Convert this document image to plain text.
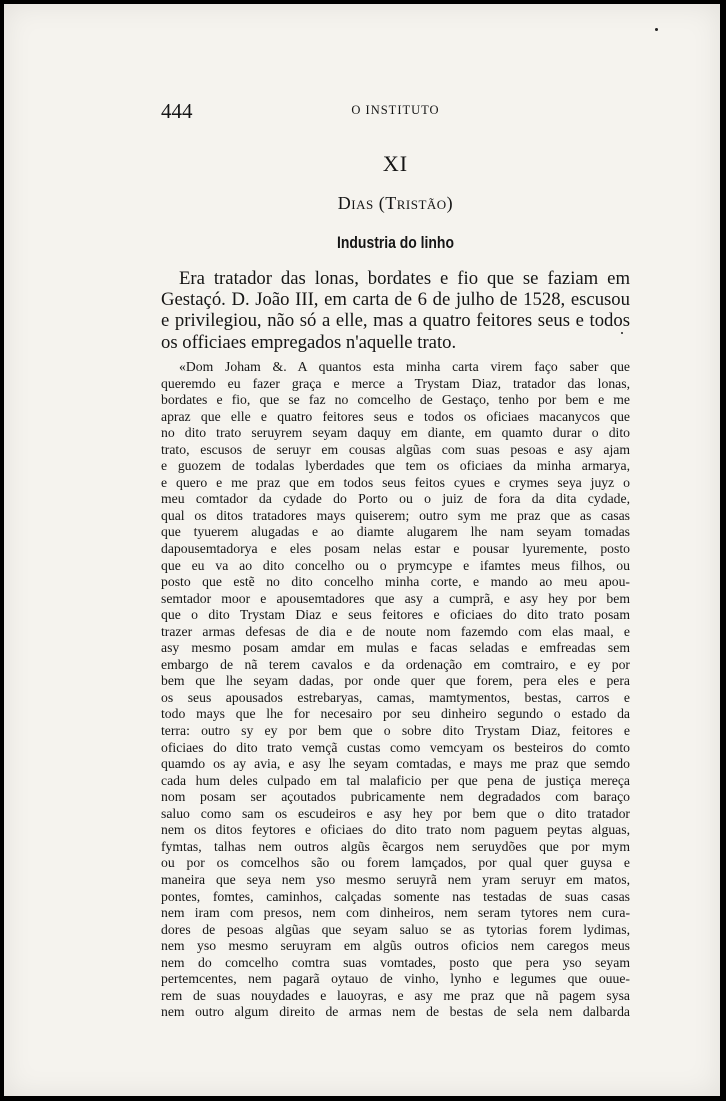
444	O INSTITUTO
XI
Dias (Tristão)
Industria do linho

Era tratador das lonas, bordates e fio que se faziam em Gestaçó. D. João III, em carta de 6 de julho de 1528, escusou e privilegiou, não só a elle, mas a quatro feitores seus e todos os officiaes empregados n'aquelle trato.

«Dom Joham &. A quantos esta minha carta virem faço saber que
queremdo eu fazer graça e merce a Trystam Diaz, tratador das lonas,
bordates e fio, que se faz no comcelho de Gestaço, tenho por bem e me
apraz que elle e quatro feitores seus e todos os oficiaes macanycos que
no dito trato seruyrem seyam daquy em diante, em quamto durar o dito
trato, escusos de seruyr em cousas algũas com suas pesoas e asy ajam
e guozem de todalas lyberdades que tem os oficiaes da minha armarya,
e quero e me praz que em todos seus feitos cyues e crymes seya juyz o
meu comtador da cydade do Porto ou o juiz de fora da dita cydade,
qual os ditos tratadores mays quiserem; outro sym me praz que as casas
que tyuerem alugadas e ao diamte alugarem lhe nam seyam tomadas
dapousemtadorya e eles posam nelas estar e pousar lyuremente, posto
que eu va ao dito concelho ou o prymcype e ifamtes meus filhos, ou
posto que estẽ no dito concelho minha corte, e mando ao meu apou-
semtador moor e apousemtadores que asy a cumprã, e asy hey por bem
que o dito Trystam Diaz e seus feitores e oficiaes do dito trato posam
trazer armas defesas de dia e de noute nom fazemdo com elas maal, e
asy mesmo posam amdar em mulas e facas seladas e emfreadas sem
embargo de nã terem cavalos e da ordenação em comtrairo, e ey por
bem que lhe seyam dadas, por onde quer que forem, pera eles e pera
os seus apousados estrebaryas, camas, mamtymentos, bestas, carros e
todo mays que lhe for necesairo por seu dinheiro segundo o estado da
terra: outro sy ey por bem que o sobre dito Trystam Diaz, feitores e
oficiaes do dito trato vemçã custas como vemcyam os besteiros do comto
quamdo os ay avia, e asy lhe seyam comtadas, e mays me praz que semdo
cada hum deles culpado em tal malaficio per que pena de justiça mereça
nom posam ser açoutados pubricamente nem degradados com baraço
saluo como sam os escudeiros e asy hey por bem que o dito tratador
nem os ditos feytores e oficiaes do dito trato nom paguem peytas alguas,
fymtas, talhas nem outros algũs ẽcargos nem seruydões que por mym
ou por os comcelhos são ou forem lamçados, por qual quer guysa e
maneira que seya nem yso mesmo seruyrã nem yram seruyr em matos,
pontes, fomtes, caminhos, calçadas somente nas testadas de suas casas
nem iram com presos, nem com dinheiros, nem seram tytores nem cura-
dores de pesoas algũas que seyam saluo se as tytorias forem lydimas,
nem yso mesmo seruyram em algũs outros oficios nem caregos meus
nem do comcelho comtra suas vomtades, posto que pera yso seyam
pertemcentes, nem pagarã oytauo de vinho, lynho e legumes que ouue-
rem de suas nouydades e lauoyras, e asy me praz que nã pagem sysa
nem outro algum direito de armas nem de bestas de sela nem dalbarda
